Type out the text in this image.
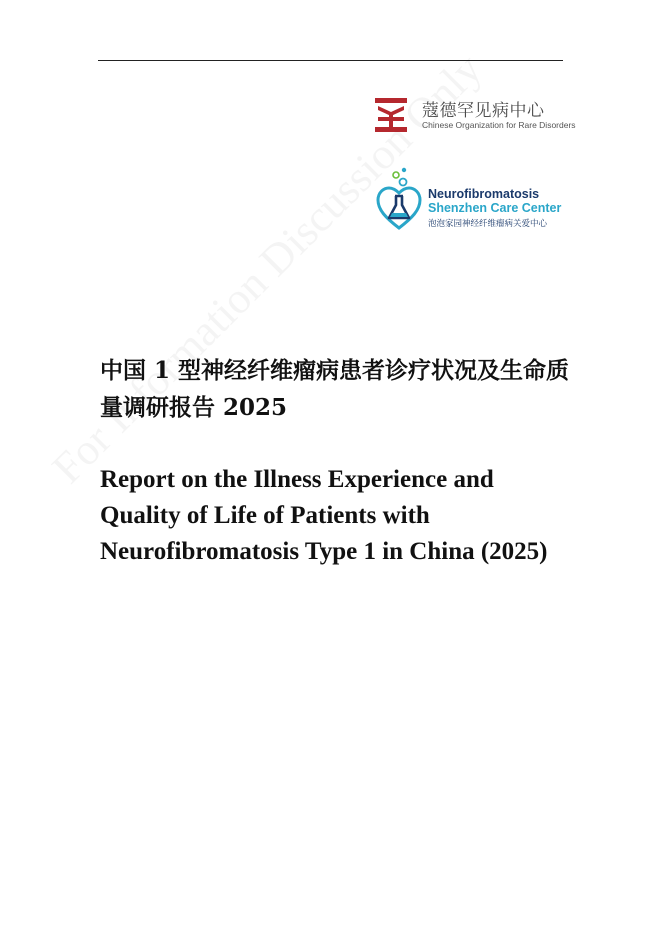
蔻德罕见病中心
Chinese Organization for Rare Disorders
Neurofibromatosis
Shenzhen Care Center
泡泡家园神经纤维瘤病关爱中心
中国 1 型神经纤维瘤病患者诊疗状况及生命质量调研报告 2025
Report on the Illness Experience and Quality of Life of Patients with Neurofibromatosis Type 1 in China (2025)
